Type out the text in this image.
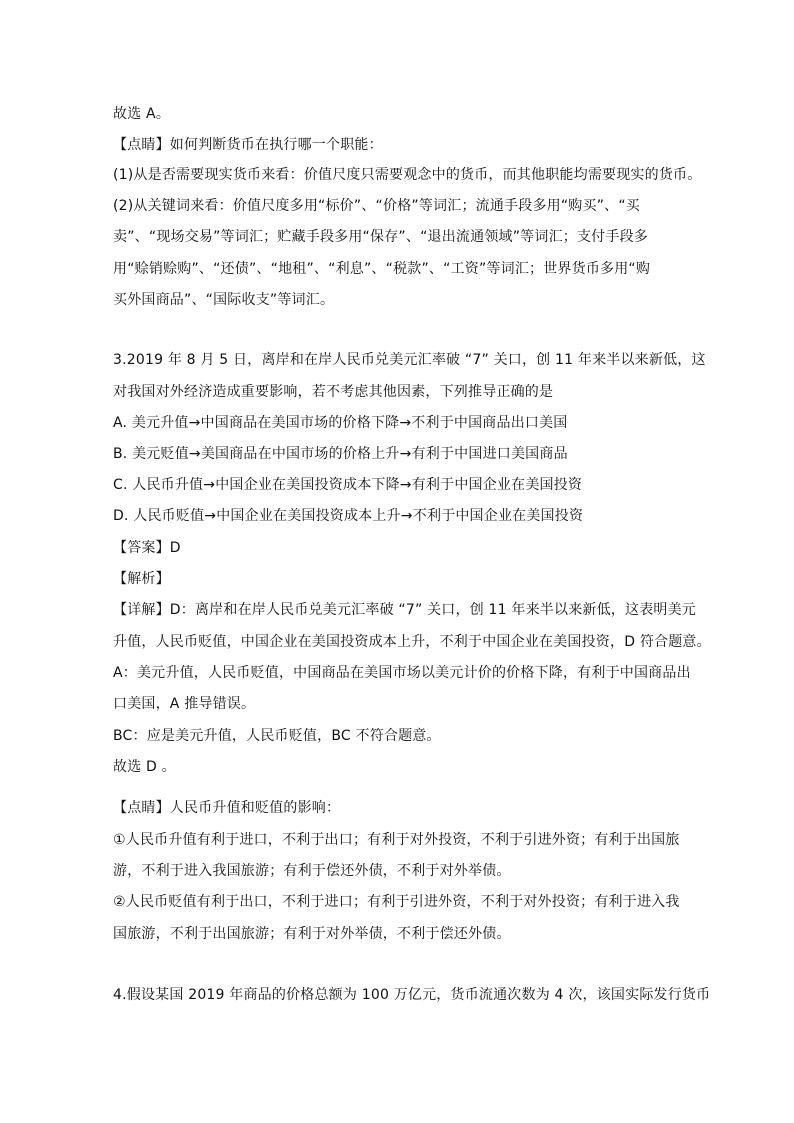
故选 A。
【点睛】如何判断货币在执行哪一个职能：
(1)从是否需要现实货币来看：价值尺度只需要观念中的货币，而其他职能均需要现实的货币。
(2)从关键词来看：价值尺度多用“标价”、“价格”等词汇；流通手段多用“购买”、“买
卖”、“现场交易”等词汇；贮藏手段多用“保存”、“退出流通领域”等词汇；支付手段多
用“赊销赊购”、“还债”、“地租”、“利息”、“税款”、“工资”等词汇；世界货币多用“购
买外国商品”、“国际收支”等词汇。
3.2019 年 8 月 5 日，离岸和在岸人民币兑美元汇率破 “7” 关口，创 11 年来半以来新低，这
对我国对外经济造成重要影响，若不考虑其他因素，下列推导正确的是
A. 美元升值→中国商品在美国市场的价格下降→不利于中国商品出口美国
B. 美元贬值→美国商品在中国市场的价格上升→有利于中国进口美国商品
C. 人民币升值→中国企业在美国投资成本下降→有利于中国企业在美国投资
D. 人民币贬值→中国企业在美国投资成本上升→不利于中国企业在美国投资
【答案】D
【解析】
【详解】D：离岸和在岸人民币兑美元汇率破 “7” 关口，创 11 年来半以来新低，这表明美元
升值，人民币贬值，中国企业在美国投资成本上升，不利于中国企业在美国投资，D 符合题意。
A：美元升值，人民币贬值，中国商品在美国市场以美元计价的价格下降，有利于中国商品出
口美国，A 推导错误。
BC：应是美元升值，人民币贬值，BC 不符合题意。
故选 D 。
【点睛】人民币升值和贬值的影响：
①人民币升值有利于进口，不利于出口；有利于对外投资，不利于引进外资；有利于出国旅
游，不利于进入我国旅游；有利于偿还外债，不利于对外举债。
②人民币贬值有利于出口，不利于进口；有利于引进外资，不利于对外投资；有利于进入我
国旅游，不利于出国旅游；有利于对外举债，不利于偿还外债。
4.假设某国 2019 年商品的价格总额为 100 万亿元，货币流通次数为 4 次，该国实际发行货币
